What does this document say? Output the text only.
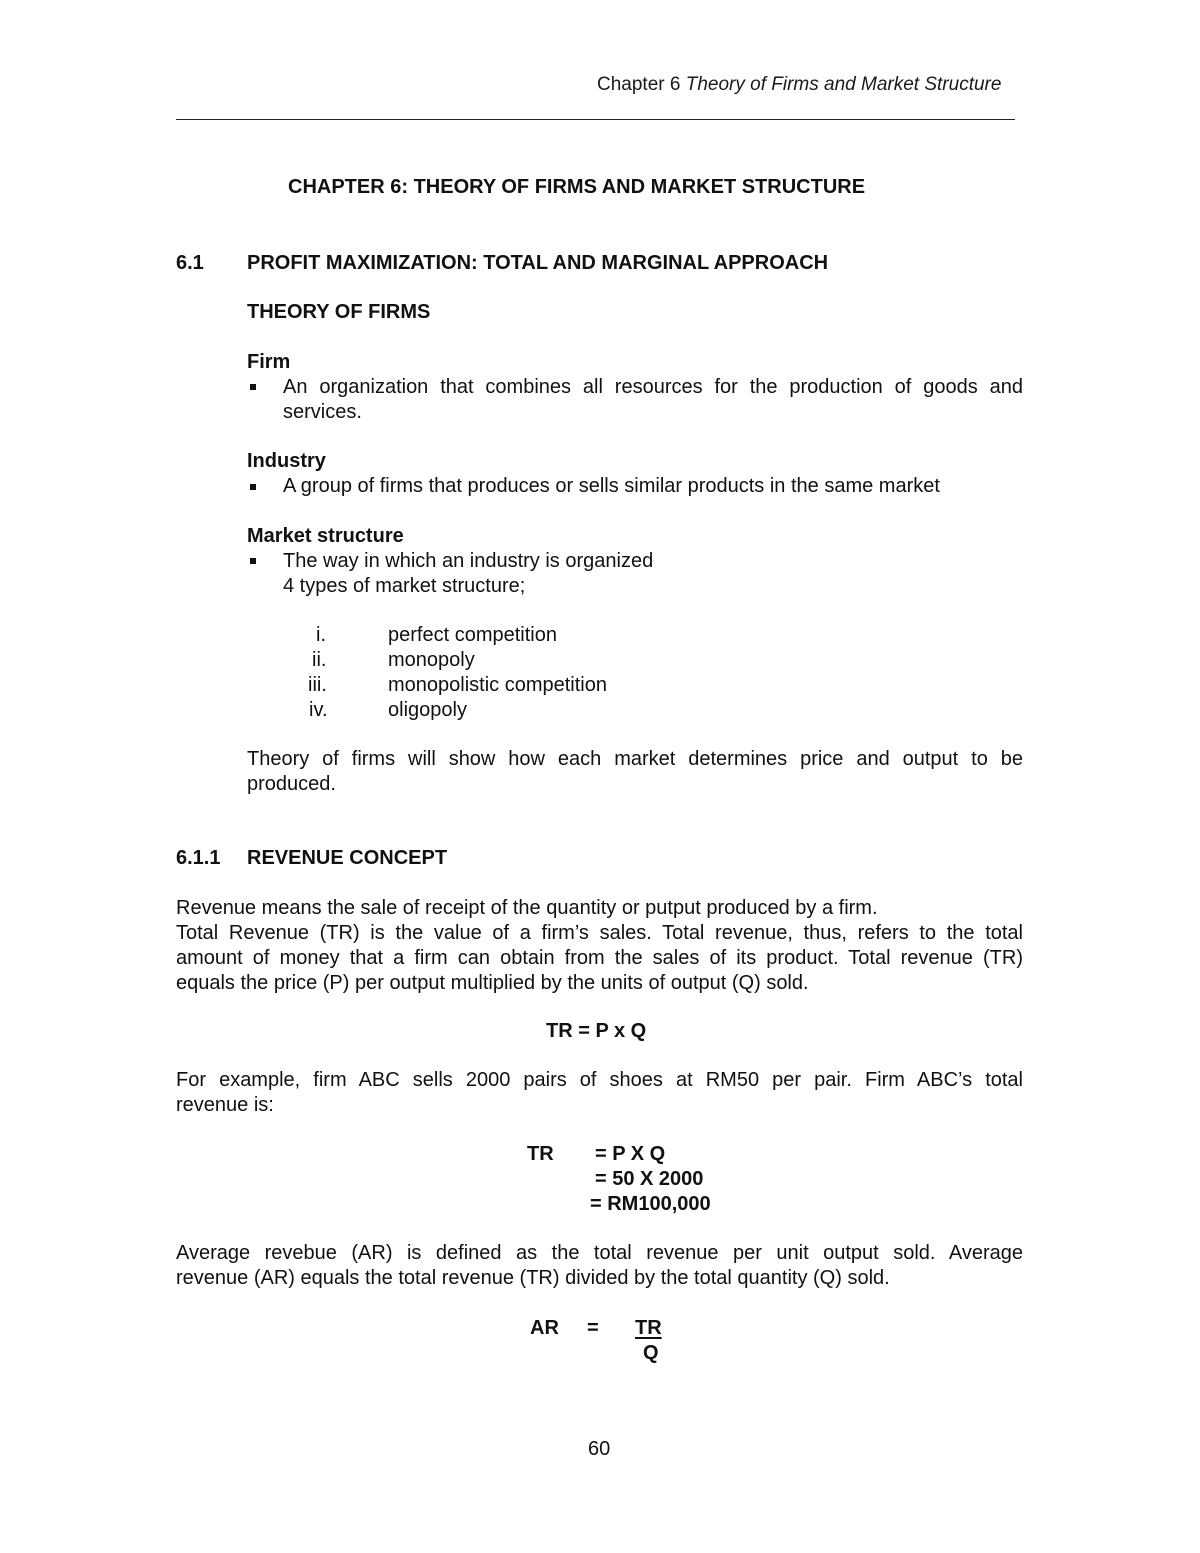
Chapter 6 Theory of Firms and Market Structure
CHAPTER 6: THEORY OF FIRMS AND MARKET STRUCTURE
6.1 PROFIT MAXIMIZATION: TOTAL AND MARGINAL APPROACH
THEORY OF FIRMS
Firm
An organization that combines all resources for the production of goods and
services.
Industry
A group of firms that produces or sells similar products in the same market
Market structure
The way in which an industry is organized
4 types of market structure;
i.	perfect competition
ii.	monopoly
iii.	monopolistic competition
iv.	oligopoly
Theory of firms will show how each market determines price and output to be
produced.
6.1.1 REVENUE CONCEPT
Revenue means the sale of receipt of the quantity or putput produced by a firm.
Total Revenue (TR) is the value of a firm’s sales. Total revenue, thus, refers to the total
amount of money that a firm can obtain from the sales of its product. Total revenue (TR)
equals the price (P) per output multiplied by the units of output (Q) sold.
TR = P x Q
For example, firm ABC sells 2000 pairs of shoes at RM50 per pair. Firm ABC’s total
revenue is:
TR = P X Q
= 50 X 2000
= RM100,000
Average revebue (AR) is defined as the total revenue per unit output sold. Average
revenue (AR) equals the total revenue (TR) divided by the total quantity (Q) sold.
AR = TR
Q
60
